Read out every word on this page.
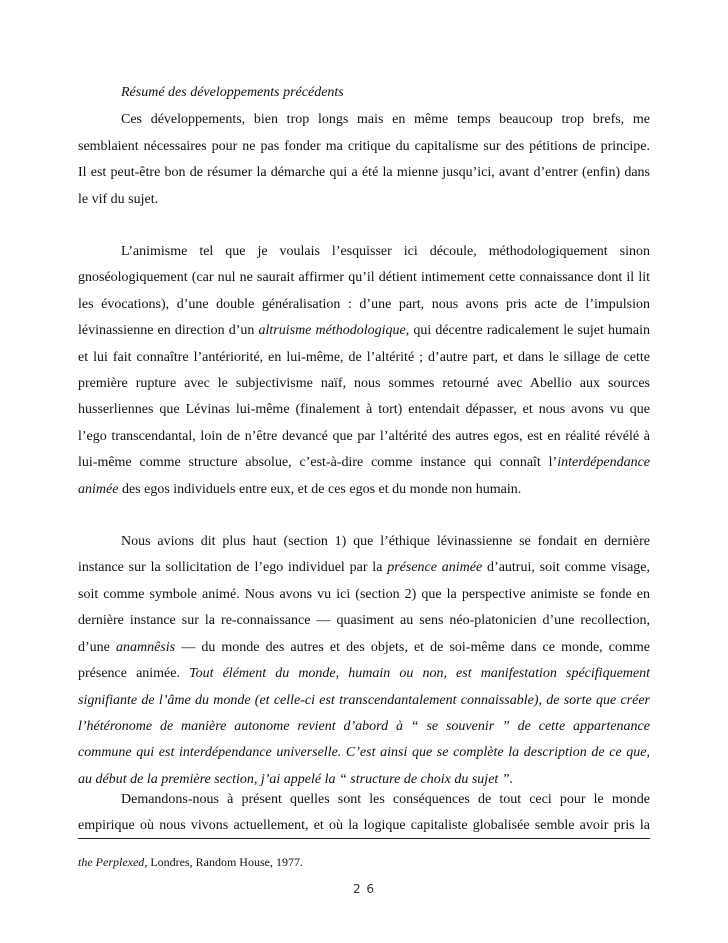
Résumé des développements précédents
Ces développements, bien trop longs mais en même temps beaucoup trop brefs, me
semblaient nécessaires pour ne pas fonder ma critique du capitalisme sur des pétitions de principe.
Il est peut-être bon de résumer la démarche qui a été la mienne jusqu’ici, avant d’entrer (enfin) dans
le vif du sujet.
L’animisme tel que je voulais l’esquisser ici découle, méthodologiquement sinon
gnoséologiquement (car nul ne saurait affirmer qu’il détient intimement cette connaissance dont il lit
les évocations), d’une double généralisation : d’une part, nous avons pris acte de l’impulsion
lévinassienne en direction d’un altruisme méthodologique, qui décentre radicalement le sujet humain
et lui fait connaître l’antériorité, en lui-même, de l’altérité ; d’autre part, et dans le sillage de cette
première rupture avec le subjectivisme naïf, nous sommes retourné avec Abellio aux sources
husserliennes que Lévinas lui-même (finalement à tort) entendait dépasser, et nous avons vu que
l’ego transcendantal, loin de n’être devancé que par l’altérité des autres egos, est en réalité révélé à
lui-même comme structure absolue, c’est-à-dire comme instance qui connaît l’interdépendance
animée des egos individuels entre eux, et de ces egos et du monde non humain.
Nous avions dit plus haut (section 1) que l’éthique lévinassienne se fondait en dernière
instance sur la sollicitation de l’ego individuel par la présence animée d’autrui, soit comme visage,
soit comme symbole animé. Nous avons vu ici (section 2) que la perspective animiste se fonde en
dernière instance sur la re-connaissance — quasiment au sens néo-platonicien d’une recollection,
d’une anamnêsis — du monde des autres et des objets, et de soi-même dans ce monde, comme
présence animée. Tout élément du monde, humain ou non, est manifestation spécifiquement
signifiante de l’âme du monde (et celle-ci est transcendantalement connaissable), de sorte que créer
l’hétéronome de manière autonome revient d’abord à “ se souvenir ” de cette appartenance
commune qui est interdépendance universelle. C’est ainsi que se complète la description de ce que,
au début de la première section, j’ai appelé la “ structure de choix du sujet ”.
Demandons-nous à présent quelles sont les conséquences de tout ceci pour le monde
empirique où nous vivons actuellement, et où la logique capitaliste globalisée semble avoir pris la
the Perplexed, Londres, Random House, 1977.
2 6
